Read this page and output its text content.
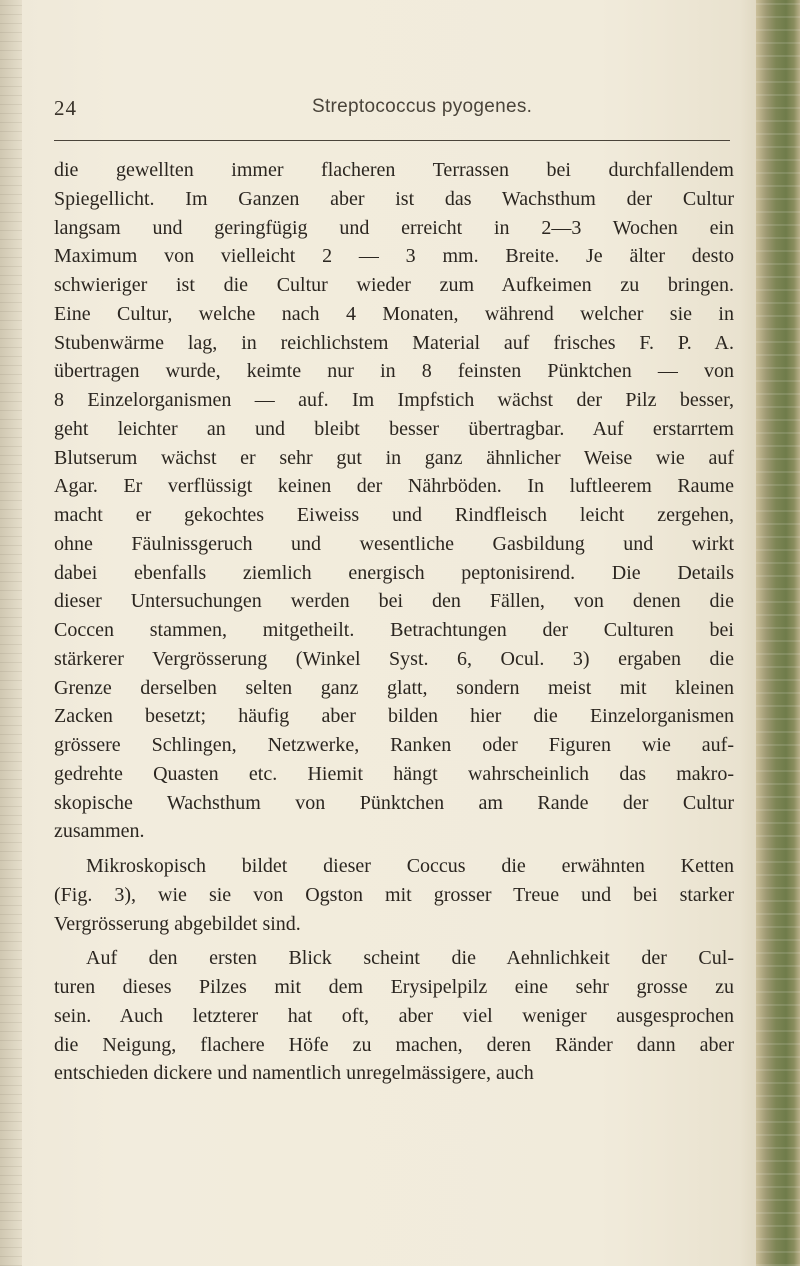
24	Streptococcus pyogenes.
die gewellten immer flacheren Terrassen bei durchfallendem
Spiegellicht. Im Ganzen aber ist das Wachsthum der Cultur
langsam und geringfügig und erreicht in 2—3 Wochen ein
Maximum von vielleicht 2 — 3 mm. Breite. Je älter desto
schwieriger ist die Cultur wieder zum Aufkeimen zu bringen.
Eine Cultur, welche nach 4 Monaten, während welcher sie in
Stubenwärme lag, in reichlichstem Material auf frisches F. P. A.
übertragen wurde, keimte nur in 8 feinsten Pünktchen — von
8 Einzelorganismen — auf. Im Impfstich wächst der Pilz besser,
geht leichter an und bleibt besser übertragbar. Auf erstarrtem
Blutserum wächst er sehr gut in ganz ähnlicher Weise wie auf
Agar. Er verflüssigt keinen der Nährböden. In luftleerem Raume
macht er gekochtes Eiweiss und Rindfleisch leicht zergehen,
ohne Fäulnissgeruch und wesentliche Gasbildung und wirkt
dabei ebenfalls ziemlich energisch peptonisirend. Die Details
dieser Untersuchungen werden bei den Fällen, von denen die
Coccen stammen, mitgetheilt. Betrachtungen der Culturen bei
stärkerer Vergrösserung (Winkel Syst. 6, Ocul. 3) ergaben die
Grenze derselben selten ganz glatt, sondern meist mit kleinen
Zacken besetzt; häufig aber bilden hier die Einzelorganismen
grössere Schlingen, Netzwerke, Ranken oder Figuren wie auf-
gedrehte Quasten etc. Hiemit hängt wahrscheinlich das makro-
skopische Wachsthum von Pünktchen am Rande der Cultur
zusammen.
Mikroskopisch bildet dieser Coccus die erwähnten Ketten
(Fig. 3), wie sie von Ogston mit grosser Treue und bei starker
Vergrösserung abgebildet sind.
Auf den ersten Blick scheint die Aehnlichkeit der Cul-
turen dieses Pilzes mit dem Erysipelpilz eine sehr grosse zu
sein. Auch letzterer hat oft, aber viel weniger ausgesprochen
die Neigung, flachere Höfe zu machen, deren Ränder dann aber
entschieden dickere und namentlich unregelmässigere, auch
